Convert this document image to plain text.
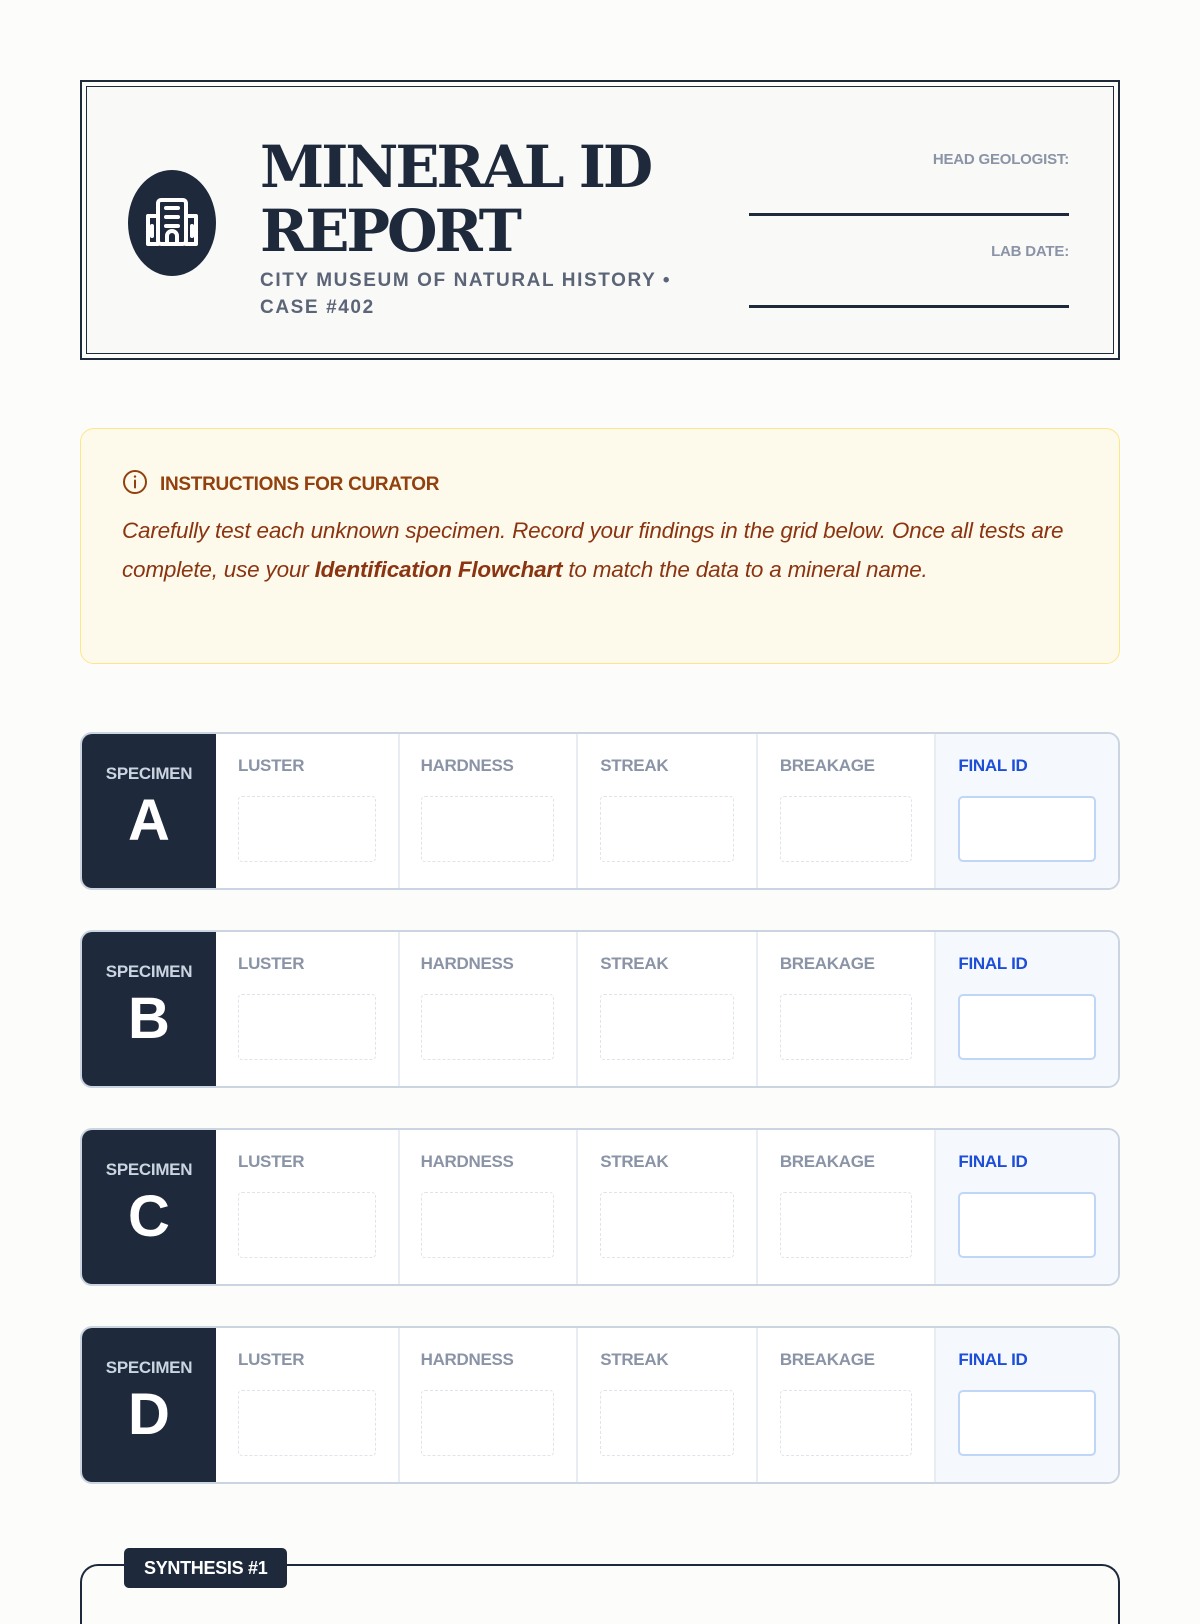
MINERAL ID REPORT
CITY MUSEUM OF NATURAL HISTORY • CASE #402
HEAD GEOLOGIST:
LAB DATE:
INSTRUCTIONS FOR CURATOR

Carefully test each unknown specimen. Record your findings in the grid below. Once all tests are complete, use your Identification Flowchart to match the data to a mineral name.

SPECIMEN
A
LUSTER	HARDNESS	STREAK	BREAKAGE	FINAL ID
SPECIMEN
B
LUSTER	HARDNESS	STREAK	BREAKAGE	FINAL ID
SPECIMEN
C
LUSTER	HARDNESS	STREAK	BREAKAGE	FINAL ID
SPECIMEN
D
LUSTER	HARDNESS	STREAK	BREAKAGE	FINAL ID
SYNTHESIS #1
